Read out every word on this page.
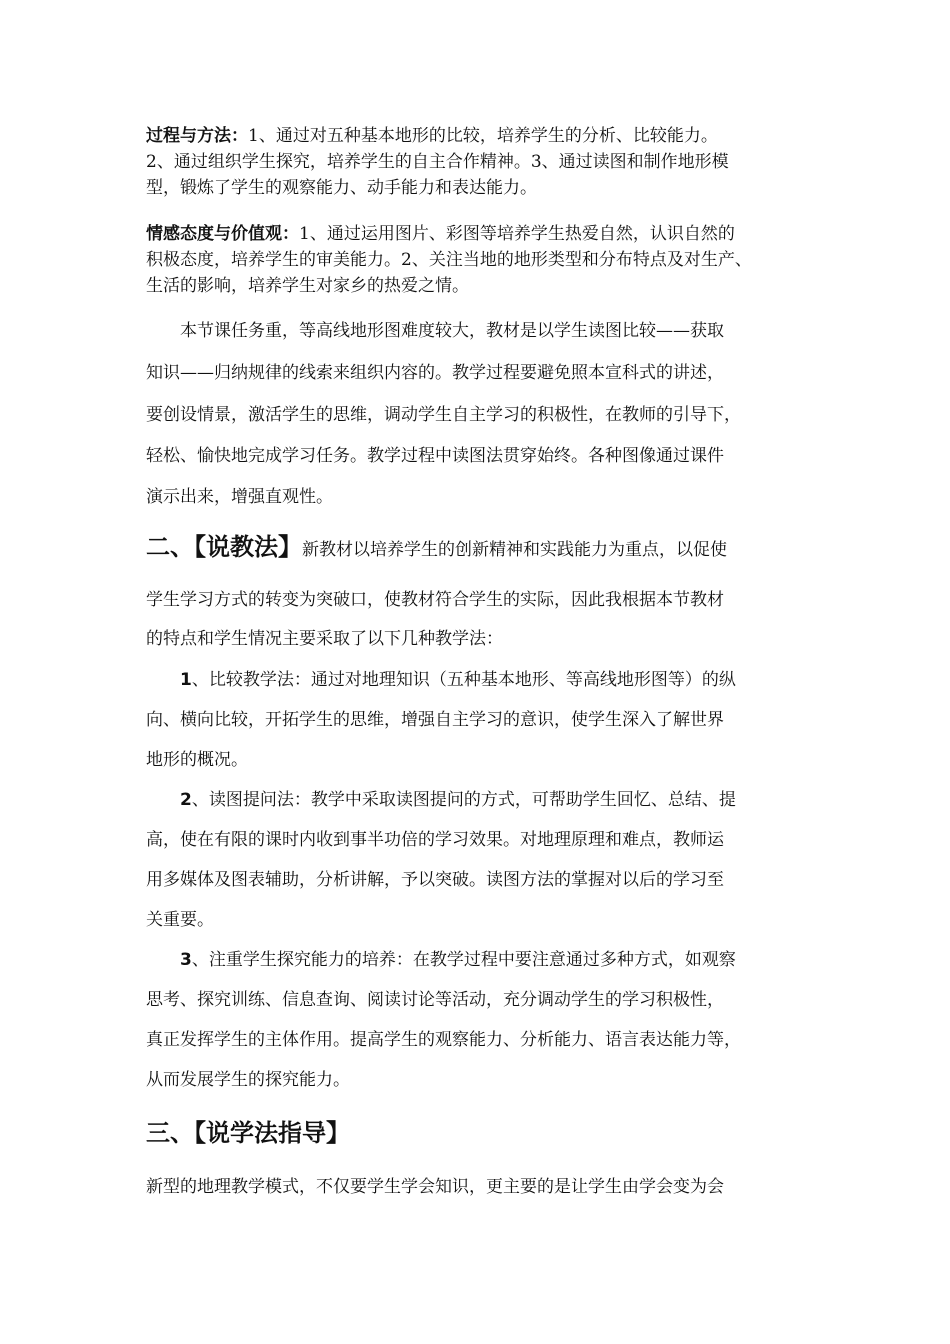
过程与方法：1、通过对五种基本地形的比较，培养学生的分析、比较能力。
2、通过组织学生探究，培养学生的自主合作精神。3、通过读图和制作地形模
型，锻炼了学生的观察能力、动手能力和表达能力。
情感态度与价值观：1、通过运用图片、彩图等培养学生热爱自然，认识自然的
积极态度，培养学生的审美能力。2、关注当地的地形类型和分布特点及对生产、
生活的影响，培养学生对家乡的热爱之情。
本节课任务重，等高线地形图难度较大，教材是以学生读图比较——获取
知识——归纳规律的线索来组织内容的。教学过程要避免照本宣科式的讲述，
要创设情景，激活学生的思维，调动学生自主学习的积极性，在教师的引导下，
轻松、愉快地完成学习任务。教学过程中读图法贯穿始终。各种图像通过课件
演示出来，增强直观性。
二、【说教法】新教材以培养学生的创新精神和实践能力为重点，以促使
学生学习方式的转变为突破口，使教材符合学生的实际，因此我根据本节教材
的特点和学生情况主要采取了以下几种教学法：
1、比较教学法：通过对地理知识（五种基本地形、等高线地形图等）的纵
向、横向比较，开拓学生的思维，增强自主学习的意识，使学生深入了解世界
地形的概况。
2、读图提问法：教学中采取读图提问的方式，可帮助学生回忆、总结、提
高，使在有限的课时内收到事半功倍的学习效果。对地理原理和难点，教师运
用多媒体及图表辅助，分析讲解，予以突破。读图方法的掌握对以后的学习至
关重要。
3、注重学生探究能力的培养：在教学过程中要注意通过多种方式，如观察
思考、探究训练、信息查询、阅读讨论等活动，充分调动学生的学习积极性，
真正发挥学生的主体作用。提高学生的观察能力、分析能力、语言表达能力等，
从而发展学生的探究能力。
三、【说学法指导】
新型的地理教学模式，不仅要学生学会知识，更主要的是让学生由学会变为会
